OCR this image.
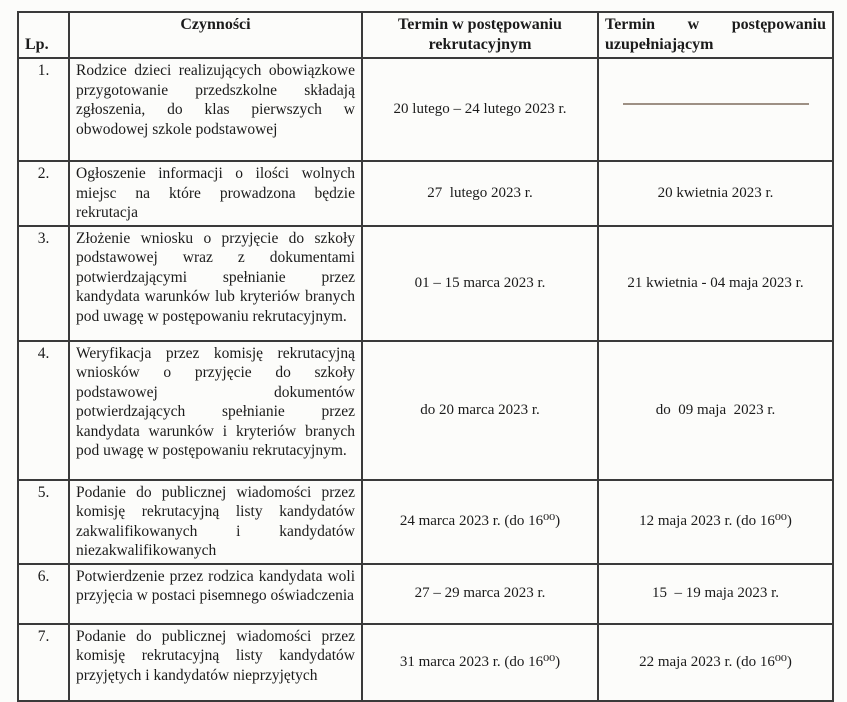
Lp.	Czynności	Termin w postępowaniu rekrutacyjnym	Termin w postępowaniu uzupełniającym
1.	Rodzice dzieci realizujących obowiązkowe przygotowanie przedszkolne składają zgłoszenia, do klas pierwszych w obwodowej szkole podstawowej	20 lutego – 24 lutego 2023 r.	

2.	Ogłoszenie informacji o ilości wolnych miejsc na które prowadzona będzie rekrutacja	27  lutego 2023 r.	20 kwietnia 2023 r.
3.	Złożenie wniosku o przyjęcie do szkoły podstawowej wraz z dokumentami potwierdzającymi spełnianie przez kandydata warunków lub kryteriów branych pod uwagę w postępowaniu rekrutacyjnym.	01 – 15 marca 2023 r.	21 kwietnia - 04 maja 2023 r.
4.	Weryfikacja przez komisję rekrutacyjną wniosków o przyjęcie do szkoły podstawowej dokumentów potwierdzających spełnianie przez kandydata warunków i kryteriów branych pod uwagę w postępowaniu rekrutacyjnym.	do 20 marca 2023 r.	do  09 maja  2023 r.
5.	Podanie do publicznej wiadomości przez komisję rekrutacyjną listy kandydatów zakwalifikowanych i kandydatów niezakwalifikowanych	24 marca 2023 r. (do 16⁰⁰)	12 maja 2023 r. (do 16⁰⁰)
6.	Potwierdzenie przez rodzica kandydata woli przyjęcia w postaci pisemnego oświadczenia	27 – 29 marca 2023 r.	15  – 19 maja 2023 r.
7.	Podanie do publicznej wiadomości przez komisję rekrutacyjną listy kandydatów przyjętych i kandydatów nieprzyjętych	31 marca 2023 r. (do 16⁰⁰)	22 maja 2023 r. (do 16⁰⁰)
